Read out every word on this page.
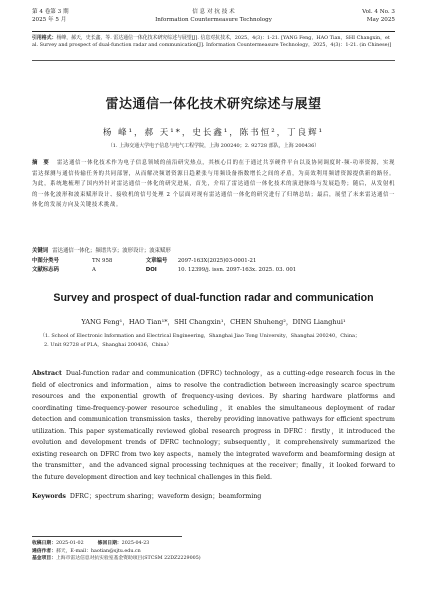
第 4 卷第 3 期
2025 年 5 月
信 息 对 抗 技 术
Information Countermeasure Technology
Vol. 4 No. 3
May 2025
引用格式：杨峰，郝天，史长鑫，等. 雷达通信一体化技术研究综述与展望[J]. 信息对抗技术，2025，4(3)：1-21. [YANG Feng，HAO Tian，SHI Changxin，et al. Survey and prospect of dual-function radar and communication[J]. Information Countermeasure Technology，2025，4(3)：1-21. (in Chinese)]
雷达通信一体化技术研究综述与展望
杨 峰¹，郝 天¹*，史长鑫¹，陈书恒²，丁良辉¹
（1. 上海交通大学电子信息与电气工程学院，上海 200240；2. 92728 部队，上海 200436）
摘 要 雷达通信一体化技术作为电子信息领域的前沿研究热点，其核心目的在于通过共享硬件平台以及协同调度时-频-功率资源，实现雷达探测与通信传输任务的共同部署，从而解决频谱资源日趋紧张与用频设备指数增长之间的矛盾，为高效利用频谱资源提供新的路径。为此，系统地梳理了国内外针对雷达通信一体化的研究进展，首先，介绍了雷达通信一体化技术的演进脉络与发展趋势；随后，从发射机的一体化波形和波束赋形设计、接收机的信号处理 2 个层面对现有雷达通信一体化的研究进行了归纳总结；最后，展望了未来雷达通信一体化的发展方向及关键技术挑战。
关键词 雷达通信一体化；频谱共享；波形设计；波束赋形
中图分类号	TN 958	文章编号 2097-163X(2025)03-0001-21
文献标志码	A	DOI	10. 12399/j. issn. 2097-163x. 2025. 03. 001
Survey and prospect of dual-function radar and communication
YANG Feng¹，HAO Tian¹*，SHI Changxin¹，CHEN Shuheng²，DING Lianghui¹
（1. School of Electronic Information and Electrical Engineering，Shanghai Jiao Tong University，Shanghai 200240，China；
2. Unit 92728 of PLA，Shanghai 200436，China）
Abstract Dual-function radar and communication (DFRC) technology，as a cutting-edge research focus in the field of electronics and information，aims to resolve the contradiction between increasingly scarce spectrum resources and the exponential growth of frequency-using devices. By sharing hardware platforms and coordinating time-frequency-power resource scheduling，it enables the simultaneous deployment of radar detection and communication transmission tasks，thereby providing innovative pathways for efficient spectrum utilization. This paper systematically reviewed global research progress in DFRC：firstly，it introduced the evolution and development trends of DFRC technology；subsequently，it comprehensively summarized the existing research on DFRC from two key aspects，namely the integrated waveform and beamforming design at the transmitter，and the advanced signal processing techniques at the receiver；finally，it looked forward to the future development direction and key technical challenges in this field.
Keywords DFRC；spectrum sharing；waveform design；beamforming
收稿日期：2025-01-02	修回日期：2025-04-23
通信作者：郝天，E-mail：haotian@sjtu.edu.cn
基金项目：上海市雷达信息对抗实验室基金资助项目(STCSM 22DZ2229005)
